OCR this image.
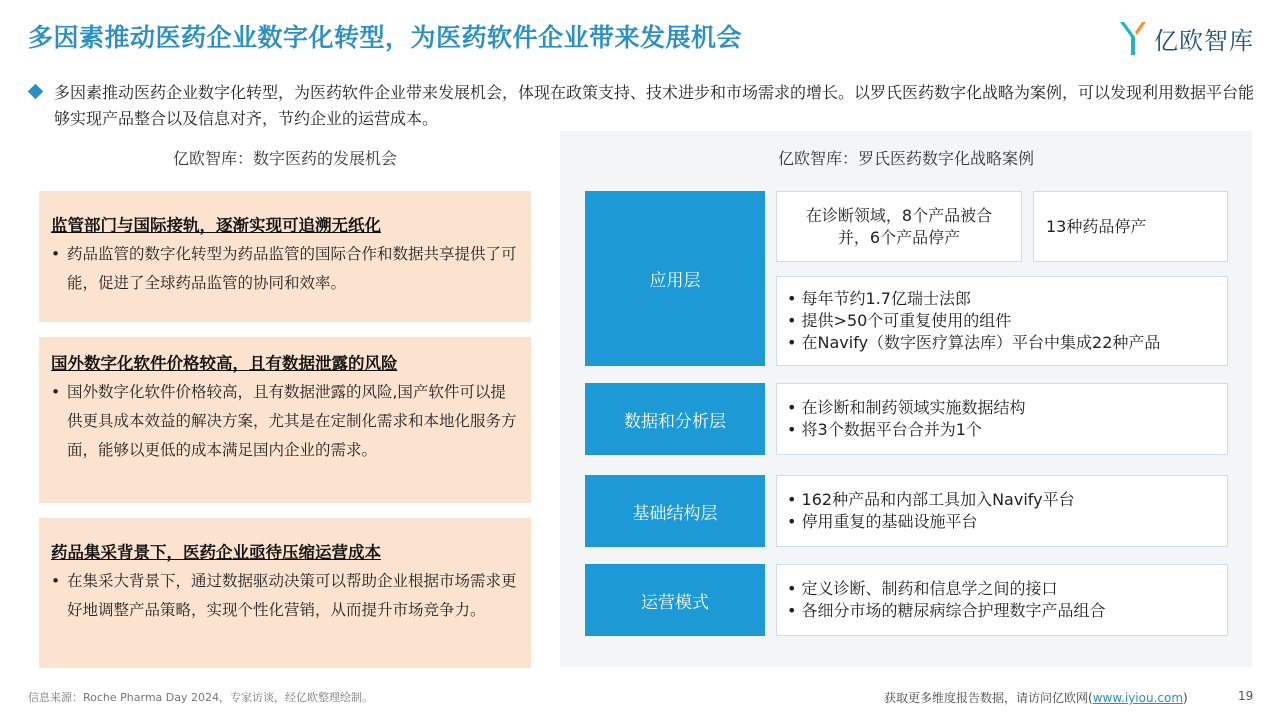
多因素推动医药企业数字化转型，为医药软件企业带来发展机会	亿欧智库
多因素推动医药企业数字化转型，为医药软件企业带来发展机会，体现在政策支持、技术进步和市场需求的增长。以罗氏医药数字化战略为案例，可以发现利用数据平台能够实现产品整合以及信息对齐，节约企业的运营成本。
亿欧智库：数字医药的发展机会
监管部门与国际接轨，逐渐实现可追溯无纸化
• 药品监管的数字化转型为药品监管的国际合作和数据共享提供了可能，促进了全球药品监管的协同和效率。
国外数字化软件价格较高，且有数据泄露的风险
• 国外数字化软件价格较高，且有数据泄露的风险,国产软件可以提供更具成本效益的解决方案，尤其是在定制化需求和本地化服务方面，能够以更低的成本满足国内企业的需求。
药品集采背景下，医药企业亟待压缩运营成本
• 在集采大背景下，通过数据驱动决策可以帮助企业根据市场需求更好地调整产品策略，实现个性化营销，从而提升市场竞争力。
亿欧智库：罗氏医药数字化战略案例
应用层
在诊断领域，8个产品被合并，6个产品停产
13种药品停产
• 每年节约1.7亿瑞士法郎
• 提供>50个可重复使用的组件
• 在Navify（数字医疗算法库）平台中集成22种产品
数据和分析层
• 在诊断和制药领域实施数据结构
• 将3个数据平台合并为1个
基础结构层
• 162种产品和内部工具加入Navify平台
• 停用重复的基础设施平台
运营模式
• 定义诊断、制药和信息学之间的接口
• 各细分市场的糖尿病综合护理数字产品组合
信息来源：Roche Pharma Day 2024，专家访谈，经亿欧整理绘制。	获取更多维度报告数据，请访问亿欧网(www.iyiou.com)	19
